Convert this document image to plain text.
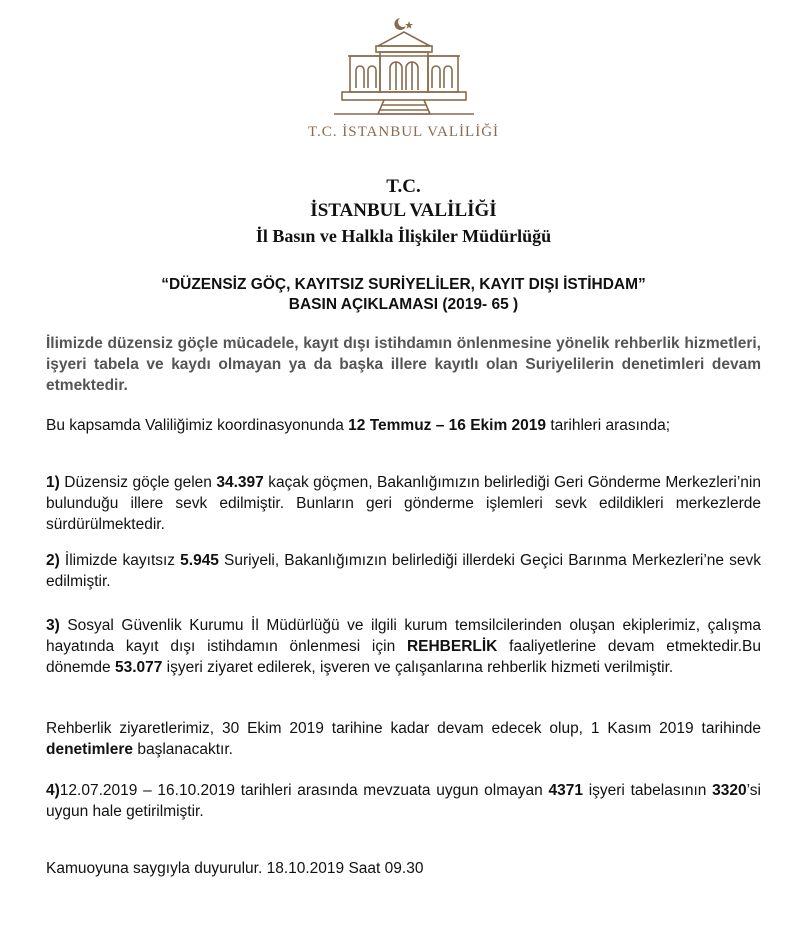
T.C. İSTANBUL VALİLİĞİ
T.C.
İSTANBUL VALİLİĞİ
İl Basın ve Halkla İlişkiler Müdürlüğü
“DÜZENSİZ GÖÇ, KAYITSIZ SURİYELİLER, KAYIT DIŞI İSTİHDAM”
BASIN AÇIKLAMASI (2019- 65 )
İlimizde düzensiz göçle mücadele, kayıt dışı istihdamın önlenmesine yönelik rehberlik hizmetleri, işyeri tabela ve kaydı olmayan ya da başka illere kayıtlı olan Suriyelilerin denetimleri devam etmektedir.
Bu kapsamda Valiliğimiz koordinasyonunda 12 Temmuz – 16 Ekim 2019 tarihleri arasında;
1) Düzensiz göçle gelen 34.397 kaçak göçmen, Bakanlığımızın belirlediği Geri Gönderme Merkezleri’nin bulunduğu illere sevk edilmiştir. Bunların geri gönderme işlemleri sevk edildikleri merkezlerde sürdürülmektedir.
2) İlimizde kayıtsız 5.945 Suriyeli, Bakanlığımızın belirlediği illerdeki Geçici Barınma Merkezleri’ne sevk edilmiştir.
3) Sosyal Güvenlik Kurumu İl Müdürlüğü ve ilgili kurum temsilcilerinden oluşan ekiplerimiz, çalışma hayatında kayıt dışı istihdamın önlenmesi için REHBERLİK faaliyetlerine devam etmektedir.Bu dönemde 53.077 işyeri ziyaret edilerek, işveren ve çalışanlarına rehberlik hizmeti verilmiştir.
Rehberlik ziyaretlerimiz, 30 Ekim 2019 tarihine kadar devam edecek olup, 1 Kasım 2019 tarihinde denetimlere başlanacaktır.
4)12.07.2019 – 16.10.2019 tarihleri arasında mevzuata uygun olmayan 4371 işyeri tabelasının 3320’si uygun hale getirilmiştir.
Kamuoyuna saygıyla duyurulur. 18.10.2019 Saat 09.30
